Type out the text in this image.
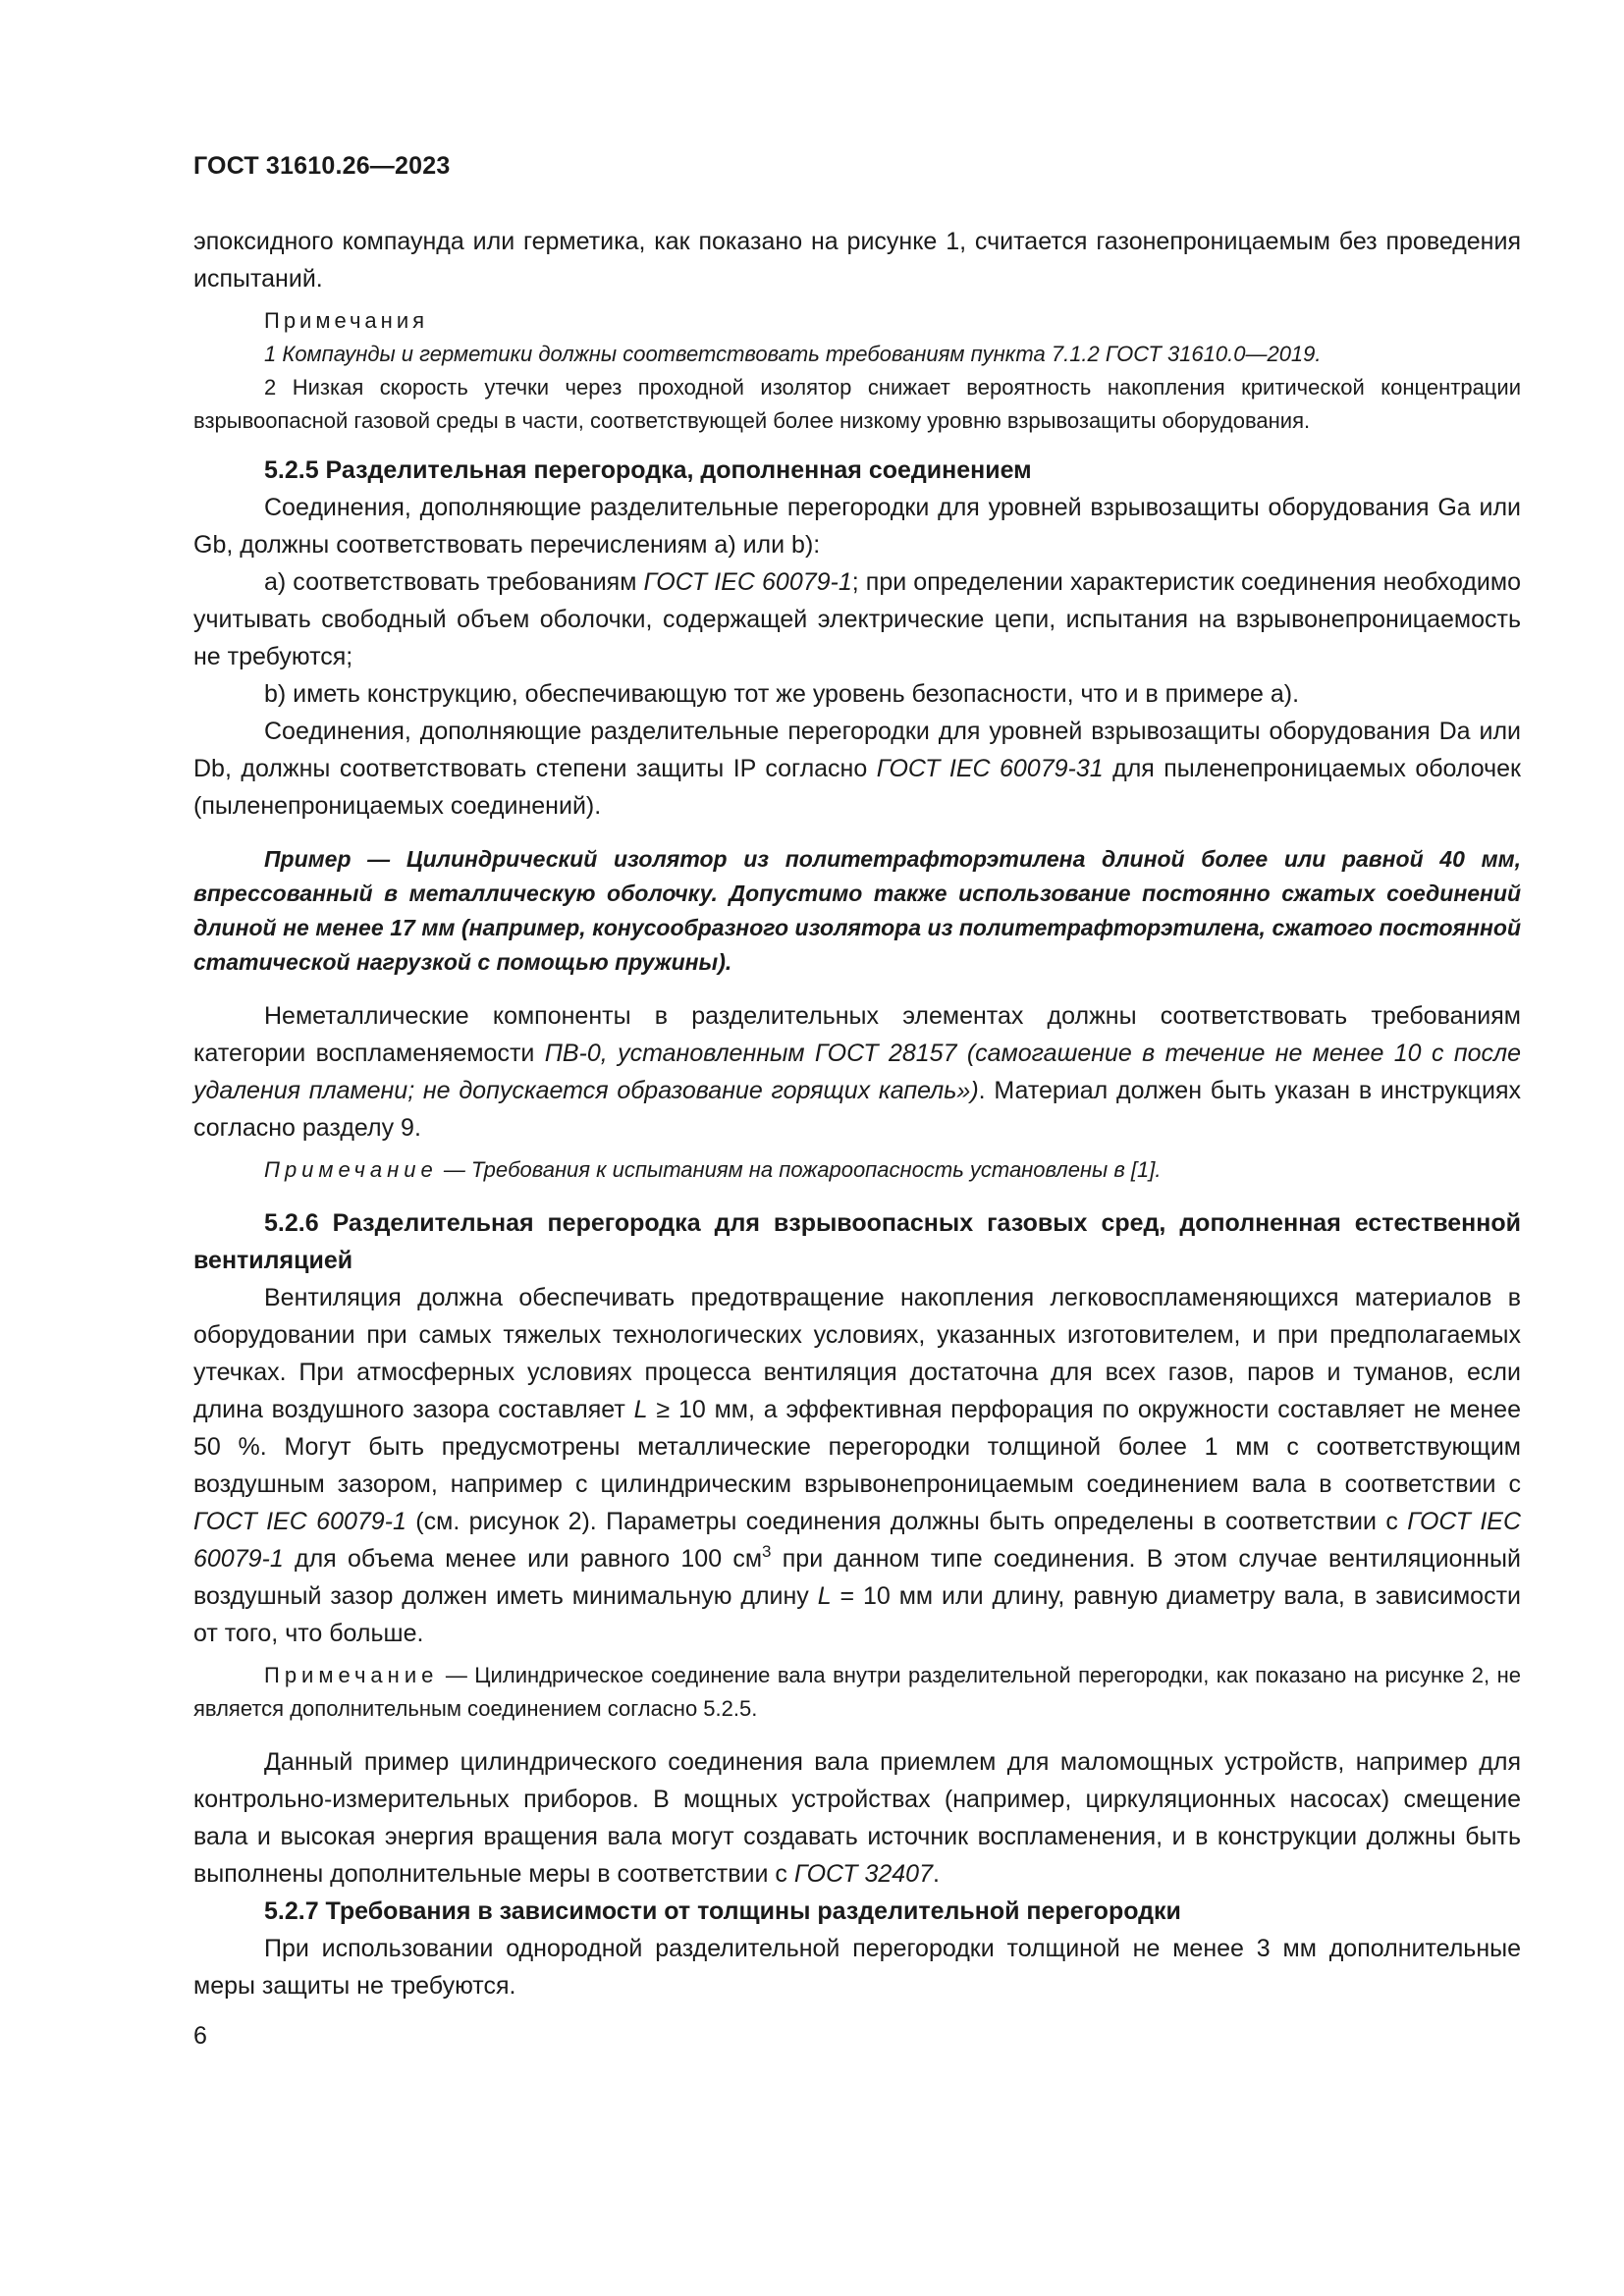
ГОСТ 31610.26—2023

эпоксидного компаунда или герметика, как показано на рисунке 1, считается газонепроницаемым без проведения испытаний.

Примечания

1 Компаунды и герметики должны соответствовать требованиям пункта 7.1.2 ГОСТ 31610.0—2019.

2 Низкая скорость утечки через проходной изолятор снижает вероятность накопления критической концентрации взрывоопасной газовой среды в части, соответствующей более низкому уровню взрывозащиты оборудования.

5.2.5 Разделительная перегородка, дополненная соединением

Соединения, дополняющие разделительные перегородки для уровней взрывозащиты оборудования Ga или Gb, должны соответствовать перечислениям а) или b):

а) соответствовать требованиям ГОСТ IEC 60079-1; при определении характеристик соединения необходимо учитывать свободный объем оболочки, содержащей электрические цепи, испытания на взрывонепроницаемость не требуются;

b) иметь конструкцию, обеспечивающую тот же уровень безопасности, что и в примере а).

Соединения, дополняющие разделительные перегородки для уровней взрывозащиты оборудования Da или Db, должны соответствовать степени защиты IP согласно ГОСТ IEC 60079-31 для пыленепроницаемых оболочек (пыленепроницаемых соединений).

Пример — Цилиндрический изолятор из политетрафторэтилена длиной более или равной 40 мм, впрессованный в металлическую оболочку. Допустимо также использование постоянно сжатых соединений длиной не менее 17 мм (например, конусообразного изолятора из политетрафторэтилена, сжатого постоянной статической нагрузкой с помощью пружины).

Неметаллические компоненты в разделительных элементах должны соответствовать требованиям категории воспламеняемости ПВ-0, установленным ГОСТ 28157 (самогашение в течение не менее 10 с после удаления пламени; не допускается образование горящих капель»). Материал должен быть указан в инструкциях согласно разделу 9.

Примечание — Требования к испытаниям на пожароопасность установлены в [1].

5.2.6 Разделительная перегородка для взрывоопасных газовых сред, дополненная естественной вентиляцией

Вентиляция должна обеспечивать предотвращение накопления легковоспламеняющихся материалов в оборудовании при самых тяжелых технологических условиях, указанных изготовителем, и при предполагаемых утечках. При атмосферных условиях процесса вентиляция достаточна для всех газов, паров и туманов, если длина воздушного зазора составляет L ≥ 10 мм, а эффективная перфорация по окружности составляет не менее 50 %. Могут быть предусмотрены металлические перегородки толщиной более 1 мм с соответствующим воздушным зазором, например с цилиндрическим взрывонепроницаемым соединением вала в соответствии с ГОСТ IEC 60079-1 (см. рисунок 2). Параметры соединения должны быть определены в соответствии с ГОСТ IEC 60079-1 для объема менее или равного 100 $см^3$ при данном типе соединения. В этом случае вентиляционный воздушный зазор должен иметь минимальную длину L = 10 мм или длину, равную диаметру вала, в зависимости от того, что больше.

Примечание — Цилиндрическое соединение вала внутри разделительной перегородки, как показано на рисунке 2, не является дополнительным соединением согласно 5.2.5.

Данный пример цилиндрического соединения вала приемлем для маломощных устройств, например для контрольно-измерительных приборов. В мощных устройствах (например, циркуляционных насосах) смещение вала и высокая энергия вращения вала могут создавать источник воспламенения, и в конструкции должны быть выполнены дополнительные меры в соответствии с ГОСТ 32407.

5.2.7 Требования в зависимости от толщины разделительной перегородки

При использовании однородной разделительной перегородки толщиной не менее 3 мм дополнительные меры защиты не требуются.

6
